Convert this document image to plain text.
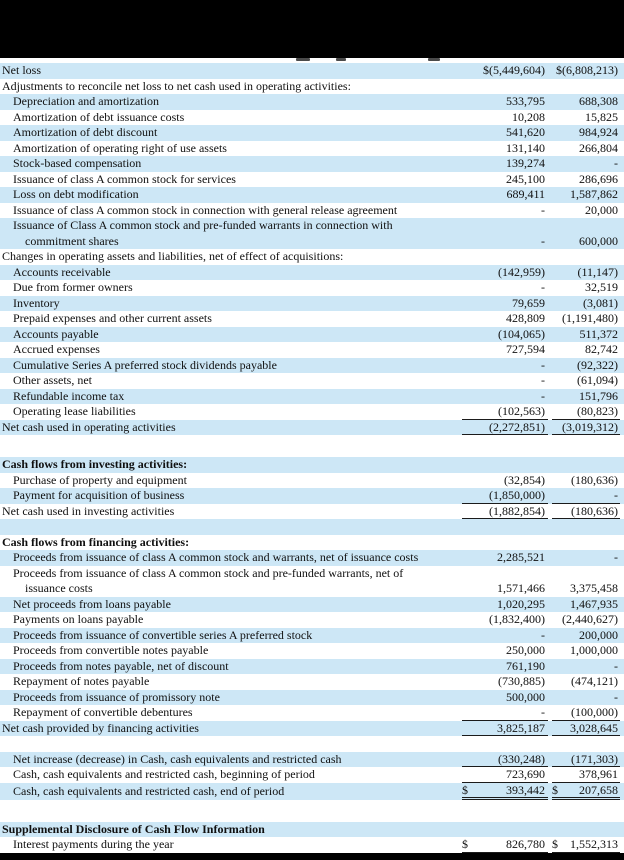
Net loss	$(5,449,604) $(6,808,213)
Adjustments to reconcile net loss to net cash used in operating activities:
Depreciation and amortization	533,795	688,308
Amortization of debt issuance costs	10,208	15,825
Amortization of debt discount	541,620	984,924
Amortization of operating right of use assets	131,140	266,804
Stock-based compensation	139,274	-
Issuance of class A common stock for services	245,100	286,696
Loss on debt modification	689,411 1,587,862
Issuance of class A common stock in connection with general release agreement	-	20,000
Issuance of Class A common stock and pre-funded warrants in connection with
commitment shares	-	600,000
Changes in operating assets and liabilities, net of effect of acquisitions:
Accounts receivable	(142,959)	(11,147)
Due from former owners	-	32,519
Inventory	79,659	(3,081)
Prepaid expenses and other current assets	428,809 (1,191,480)
Accounts payable	(104,065)	511,372
Accrued expenses	727,594	82,742
Cumulative Series A preferred stock dividends payable	-	(92,322)
Other assets, net	-	(61,094)
Refundable income tax	-	151,796
Operating lease liabilities	(102,563)	(80,823)
Net cash used in operating activities	(2,272,851) (3,019,312)
Cash flows from investing activities:
Purchase of property and equipment	(32,854) (180,636)
Payment for acquisition of business	(1,850,000)	-
Net cash used in investing activities	(1,882,854) (180,636)
Cash flows from financing activities:
Proceeds from issuance of class A common stock and warrants, net of issuance costs	2,285,521	-
Proceeds from issuance of class A common stock and pre-funded warrants, net of
issuance costs	1,571,466 3,375,458
Net proceeds from loans payable	1,020,295 1,467,935
Payments on loans payable	(1,832,400) (2,440,627)
Proceeds from issuance of convertible series A preferred stock	-	200,000
Proceeds from convertible notes payable	250,000 1,000,000
Proceeds from notes payable, net of discount	761,190	-
Repayment of notes payable	(730,885) (474,121)
Proceeds from issuance of promissory note	500,000	-
Repayment of convertible debentures	- (100,000)
Net cash provided by financing activities	3,825,187 3,028,645
Net increase (decrease) in Cash, cash equivalents and restricted cash	(330,248) (171,303)
Cash, cash equivalents and restricted cash, beginning of period	723,690	378,961
Cash, cash equivalents and restricted cash, end of period	$	393,442 $ 207,658
Supplemental Disclosure of Cash Flow Information
Interest payments during the year	$	826,780 $ 1,552,313
